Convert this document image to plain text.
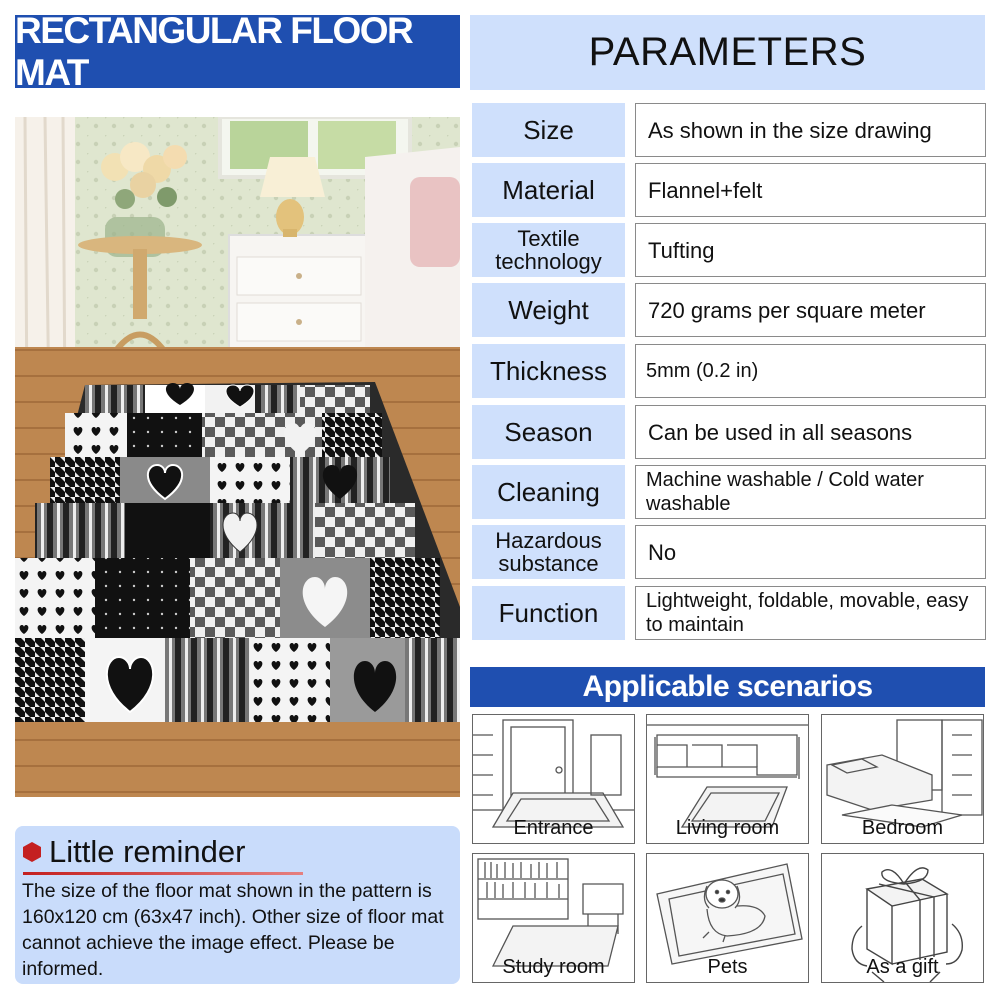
RECTANGULAR FLOOR MAT
Little reminder
The size of the floor mat shown in the pattern is 160x120 cm (63x47 inch). Other size of floor mat cannot achieve the image effect. Please be informed.
PARAMETERS
Size	As shown in the size drawing
Material	Flannel+felt
Textile technology	Tufting
Weight	720 grams per square meter
Thickness	5mm (0.2 in)
Season	Can be used in all seasons
Cleaning	Machine washable / Cold water washable
Hazardous substance	No
Function	Lightweight, foldable, movable, easy to maintain
Applicable scenarios
Entrance	Living room	Bedroom
Study room	Pets	As a gift
